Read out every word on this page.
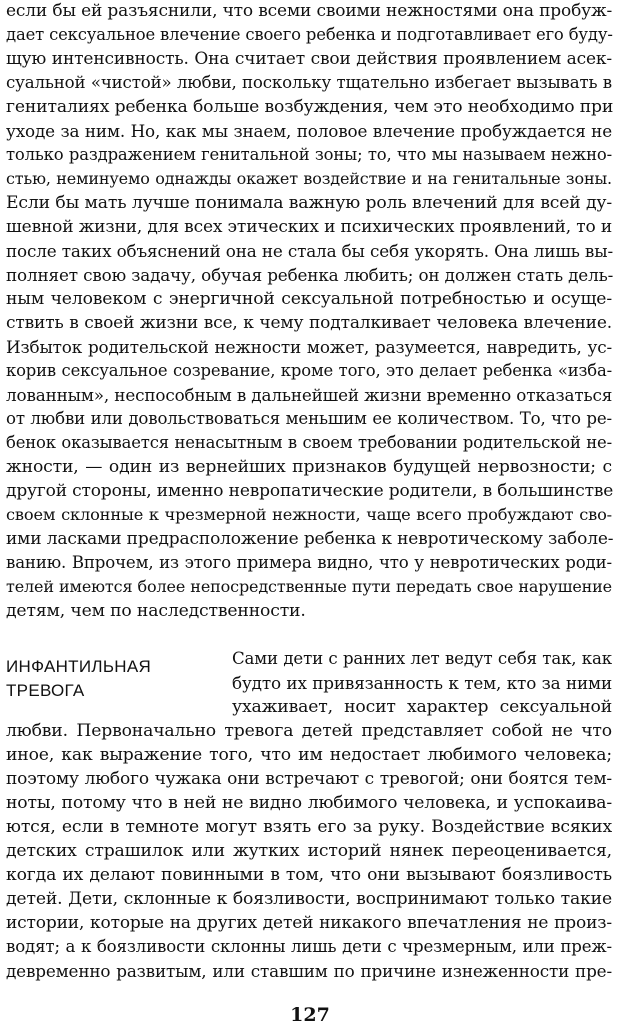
если бы ей разъяснили, что всеми своими нежностями она пробуж-
дает сексуальное влечение своего ребенка и подготавливает его буду-
щую интенсивность. Она считает свои действия проявлением асек-
суальной «чистой» любви, поскольку тщательно избегает вызывать в
гениталиях ребенка больше возбуждения, чем это необходимо при
уходе за ним. Но, как мы знаем, половое влечение пробуждается не
только раздражением генитальной зоны; то, что мы называем нежно-
стью, неминуемо однажды окажет воздействие и на генитальные зоны.
Если бы мать лучше понимала важную роль влечений для всей ду-
шевной жизни, для всех этических и психических проявлений, то и
после таких объяснений она не стала бы себя укорять. Она лишь вы-
полняет свою задачу, обучая ребенка любить; он должен стать дель-
ным человеком с энергичной сексуальной потребностью и осуще-
ствить в своей жизни все, к чему подталкивает человека влечение.
Избыток родительской нежности может, разумеется, навредить, ус-
корив сексуальное созревание, кроме того, это делает ребенка «изба-
лованным», неспособным в дальнейшей жизни временно отказаться
от любви или довольствоваться меньшим ее количеством. То, что ре-
бенок оказывается ненасытным в своем требовании родительской не-
жности, — один из вернейших признаков будущей нервозности; с
другой стороны, именно невропатические родители, в большинстве
своем склонные к чрезмерной нежности, чаще всего пробуждают сво-
ими ласками предрасположение ребенка к невротическому заболе-
ванию. Впрочем, из этого примера видно, что у невротических роди-
телей имеются более непосредственные пути передать свое нарушение
детям, чем по наследственности.
ИНФАНТИЛЬНАЯ
ТРЕВОГА
Сами дети с ранних лет ведут себя так, как
будто их привязанность к тем, кто за ними
ухаживает, носит характер сексуальной
любви. Первоначально тревога детей представляет собой не что
иное, как выражение того, что им недостает любимого человека;
поэтому любого чужака они встречают с тревогой; они боятся тем-
ноты, потому что в ней не видно любимого человека, и успокаива-
ются, если в темноте могут взять его за руку. Воздействие всяких
детских страшилок или жутких историй нянек переоценивается,
когда их делают повинными в том, что они вызывают боязливость
детей. Дети, склонные к боязливости, воспринимают только такие
истории, которые на других детей никакого впечатления не произ-
водят; а к боязливости склонны лишь дети с чрезмерным, или преж-
девременно развитым, или ставшим по причине изнеженности пре-
127
